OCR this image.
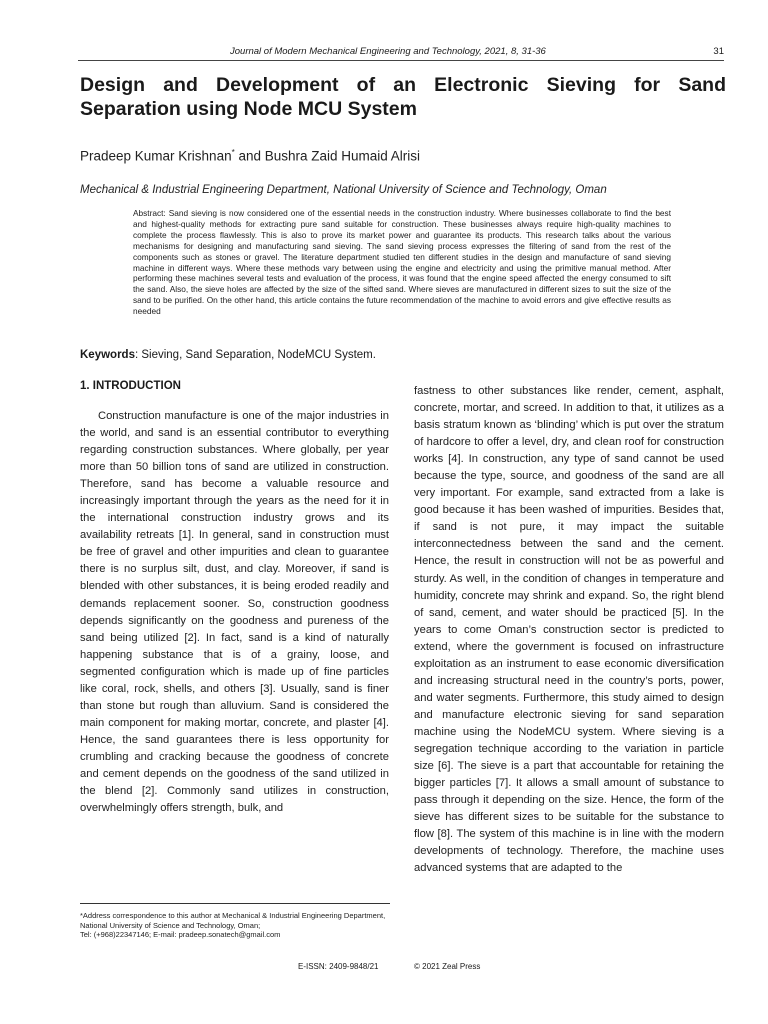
Journal of Modern Mechanical Engineering and Technology, 2021, 8, 31-36	31
Design and Development of an Electronic Sieving for Sand Separation using Node MCU System
Pradeep Kumar Krishnan* and Bushra Zaid Humaid Alrisi
Mechanical & Industrial Engineering Department, National University of Science and Technology, Oman
Abstract: Sand sieving is now considered one of the essential needs in the construction industry. Where businesses collaborate to find the best and highest-quality methods for extracting pure sand suitable for construction. These businesses always require high-quality machines to complete the process flawlessly. This is also to prove its market power and guarantee its products. This research talks about the various mechanisms for designing and manufacturing sand sieving. The sand sieving process expresses the filtering of sand from the rest of the components such as stones or gravel. The literature department studied ten different studies in the design and manufacture of sand sieving machine in different ways. Where these methods vary between using the engine and electricity and using the primitive manual method. After performing these machines several tests and evaluation of the process, it was found that the engine speed affected the energy consumed to sift the sand. Also, the sieve holes are affected by the size of the sifted sand. Where sieves are manufactured in different sizes to suit the size of the sand to be purified. On the other hand, this article contains the future recommendation of the machine to avoid errors and give effective results as needed
Keywords: Sieving, Sand Separation, NodeMCU System.
1. INTRODUCTION

Construction manufacture is one of the major industries in the world, and sand is an essential contributor to everything regarding construction substances. Where globally, per year more than 50 billion tons of sand are utilized in construction. Therefore, sand has become a valuable resource and increasingly important through the years as the need for it in the international construction industry grows and its availability retreats [1]. In general, sand in construction must be free of gravel and other impurities and clean to guarantee there is no surplus silt, dust, and clay. Moreover, if sand is blended with other substances, it is being eroded readily and demands replacement sooner. So, construction goodness depends significantly on the goodness and pureness of the sand being utilized [2]. In fact, sand is a kind of naturally happening substance that is of a grainy, loose, and segmented configuration which is made up of fine particles like coral, rock, shells, and others [3]. Usually, sand is finer than stone but rough than alluvium. Sand is considered the main component for making mortar, concrete, and plaster [4]. Hence, the sand guarantees there is less opportunity for crumbling and cracking because the goodness of concrete and cement depends on the goodness of the sand utilized in the blend [2]. Commonly sand utilizes in construction, overwhelmingly offers strength, bulk, and

fastness to other substances like render, cement, asphalt, concrete, mortar, and screed. In addition to that, it utilizes as a basis stratum known as ‘blinding’ which is put over the stratum of hardcore to offer a level, dry, and clean roof for construction works [4]. In construction, any type of sand cannot be used because the type, source, and goodness of the sand are all very important. For example, sand extracted from a lake is good because it has been washed of impurities. Besides that, if sand is not pure, it may impact the suitable interconnectedness between the sand and the cement. Hence, the result in construction will not be as powerful and sturdy. As well, in the condition of changes in temperature and humidity, concrete may shrink and expand. So, the right blend of sand, cement, and water should be practiced [5]. In the years to come Oman’s construction sector is predicted to extend, where the government is focused on infrastructure exploitation as an instrument to ease economic diversification and increasing structural need in the country’s ports, power, and water segments. Furthermore, this study aimed to design and manufacture electronic sieving for sand separation machine using the NodeMCU system. Where sieving is a segregation technique according to the variation in particle size [6]. The sieve is a part that accountable for retaining the bigger particles [7]. It allows a small amount of substance to pass through it depending on the size. Hence, the form of the sieve has different sizes to be suitable for the substance to flow [8]. The system of this machine is in line with the modern developments of technology. Therefore, the machine uses advanced systems that are adapted to the

*Address correspondence to this author at Mechanical & Industrial Engineering Department, National University of Science and Technology, Oman;
Tel: (+968)22347146; E-mail: pradeep.sonatech@gmail.com
E-ISSN: 2409-9848/21	© 2021 Zeal Press
